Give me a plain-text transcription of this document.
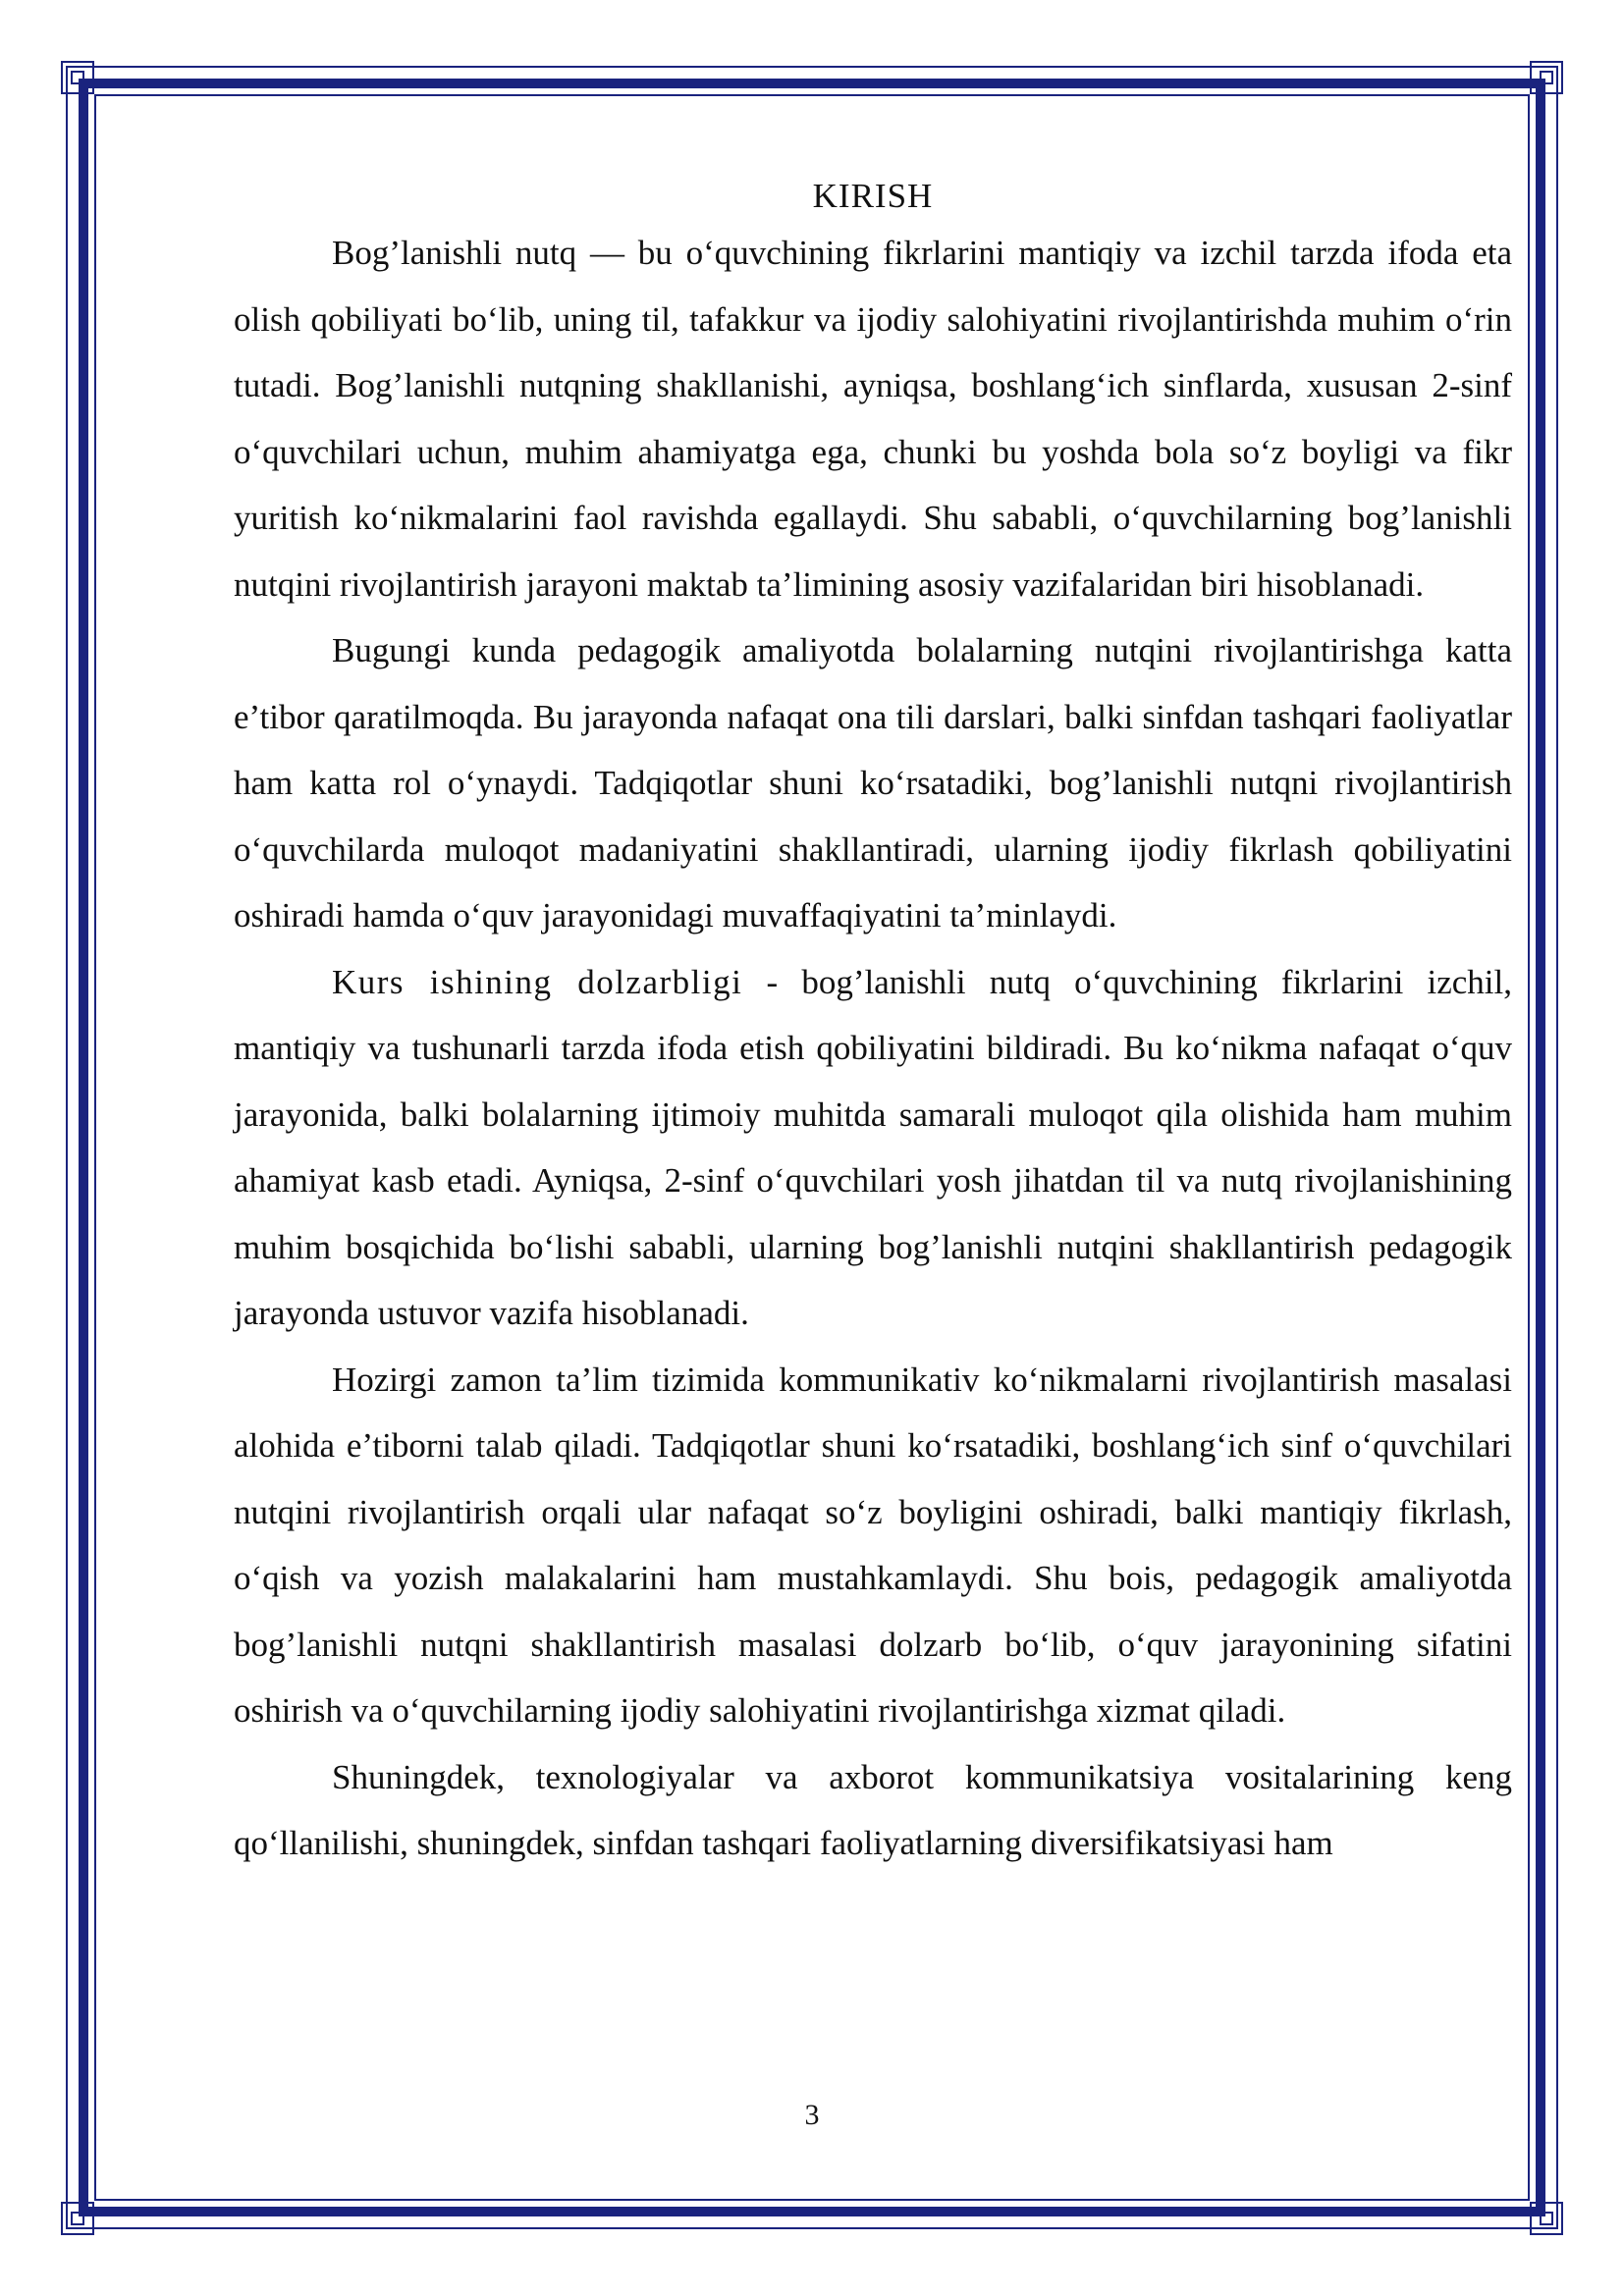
KIRISH

Bog’lanishli nutq — bu o‘quvchining fikrlarini mantiqiy va izchil tarzda ifoda eta olish qobiliyati bo‘lib, uning til, tafakkur va ijodiy salohiyatini rivojlantirishda muhim o‘rin tutadi. Bog’lanishli nutqning shakllanishi, ayniqsa, boshlang‘ich sinflarda, xususan 2-sinf o‘quvchilari uchun, muhim ahamiyatga ega, chunki bu yoshda bola so‘z boyligi va fikr yuritish ko‘nikmalarini faol ravishda egallaydi. Shu sababli, o‘quvchilarning bog’lanishli nutqini rivojlantirish jarayoni maktab ta’limining asosiy vazifalaridan biri hisoblanadi.

Bugungi kunda pedagogik amaliyotda bolalarning nutqini rivojlantirishga katta e’tibor qaratilmoqda. Bu jarayonda nafaqat ona tili darslari, balki sinfdan tashqari faoliyatlar ham katta rol o‘ynaydi. Tadqiqotlar shuni ko‘rsatadiki, bog’lanishli nutqni rivojlantirish o‘quvchilarda muloqot madaniyatini shakllantiradi, ularning ijodiy fikrlash qobiliyatini oshiradi hamda o‘quv jarayonidagi muvaffaqiyatini ta’minlaydi.

Kurs ishining dolzarbligi - bog’lanishli nutq o‘quvchining fikrlarini izchil, mantiqiy va tushunarli tarzda ifoda etish qobiliyatini bildiradi. Bu ko‘nikma nafaqat o‘quv jarayonida, balki bolalarning ijtimoiy muhitda samarali muloqot qila olishida ham muhim ahamiyat kasb etadi. Ayniqsa, 2-sinf o‘quvchilari yosh jihatdan til va nutq rivojlanishining muhim bosqichida bo‘lishi sababli, ularning bog’lanishli nutqini shakllantirish pedagogik jarayonda ustuvor vazifa hisoblanadi.

Hozirgi zamon ta’lim tizimida kommunikativ ko‘nikmalarni rivojlantirish masalasi alohida e’tiborni talab qiladi. Tadqiqotlar shuni ko‘rsatadiki, boshlang‘ich sinf o‘quvchilari nutqini rivojlantirish orqali ular nafaqat so‘z boyligini oshiradi, balki mantiqiy fikrlash, o‘qish va yozish malakalarini ham mustahkamlaydi. Shu bois, pedagogik amaliyotda bog’lanishli nutqni shakllantirish masalasi dolzarb bo‘lib, o‘quv jarayonining sifatini oshirish va o‘quvchilarning ijodiy salohiyatini rivojlantirishga xizmat qiladi.

Shuningdek, texnologiyalar va axborot kommunikatsiya vositalarining keng qo‘llanilishi, shuningdek, sinfdan tashqari faoliyatlarning diversifikatsiyasi ham

3
